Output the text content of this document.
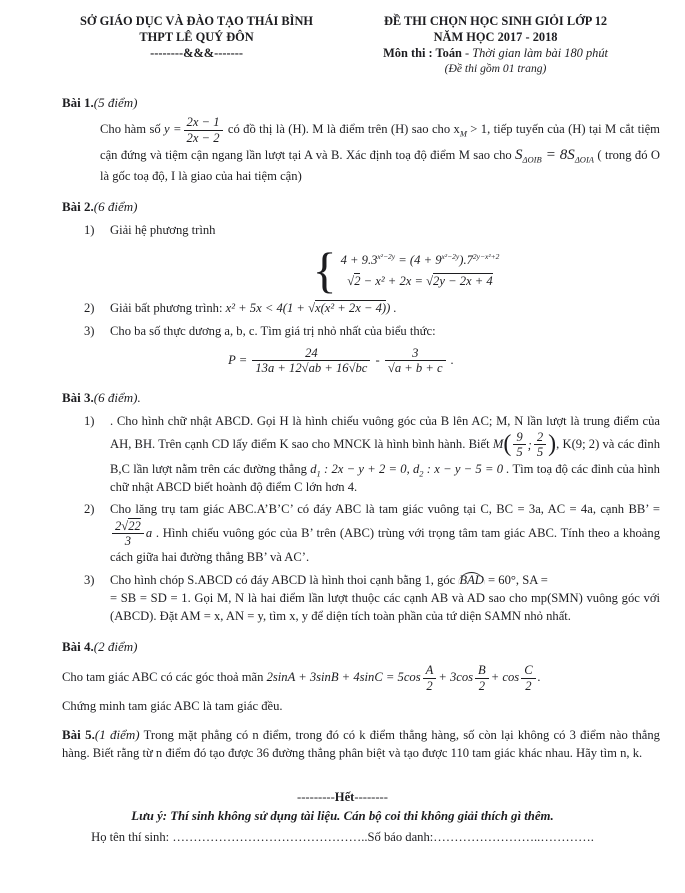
SỞ GIÁO DỤC VÀ ĐÀO TẠO THÁI BÌNH
THPT LÊ QUÝ ĐÔN
--------&&&-------
ĐỀ THI CHỌN HỌC SINH GIỎI LỚP 12
NĂM HỌC 2017 - 2018
Môn thi : Toán - Thời gian làm bài 180 phút
(Đề thi gồm 01 trang)
Bài 1.(5 điểm)
Cho hàm số $y = \frac{2x - 1}{2x - 2}$ có đồ thị là (H). M là điểm trên (H) sao cho $x_M > 1$, tiếp tuyến của (H) tại M cắt tiệm cận đứng và tiệm cận ngang lần lượt tại A và B. Xác định toạ độ điểm M sao cho $S_{\Delta OIB} = 8S_{\Delta OIA}$ ( trong đó O là gốc toạ độ, I là giao của hai tiệm cận)
Bài 2.(6 điểm)
1)	Giải hệ phương trình
{
$4 + 9.3^{x^2-2y} = (4 + 9^{x^2-2y}).7^{2y-x^2+2}$
√ 2 − x² + 2x = √ 2y − 2x + 4
2)	Giải bất phương trình: x² + 5x < 4(1 + √ x(x² + 2x − 4)) .
3)	Cho ba số thực dương a, b, c. Tìm giá trị nhỏ nhất của biểu thức:
$P = \frac{24}{13a + 12 √ ab + 16 √ bc} - 3$
√ a + b + c .
Bài 3.(6 điểm).
1)	. Cho hình chữ nhật ABCD. Gọi H là hình chiếu vuông góc của B lên AC; M, N lần lượt là trung điểm của AH, BH. Trên cạnh CD lấy điểm K sao cho MNCK là hình bình hành. Biết M ( $\frac{9}{5}$ ; $\frac{2}{5}$
) , K(9; 2) và các đỉnh B,C lần lượt nằm trên các đường thẳng $d_1$ : 2x − y + 2 = 0, $d_2$ : x − y − 5 = 0 . Tìm toạ độ các đỉnh của hình chữ nhật ABCD biết hoành độ điểm C lớn hơn 4.
2)	Cho lăng trụ tam giác ABC.A’B’C’ có đáy ABC là tam giác vuông tại C, BC = 3a, AC = 4a, cạnh BB’ =
$\frac{2 √ 22}{3}$ a . Hình chiếu vuông góc của B’ trên (ABC) trùng với trọng tâm tam giác ABC. Tính theo a khoảng cách giữa hai đường thẳng BB’ và AC’.
3)	Cho hình chóp S.ABCD có đáy ABCD là hình thoi cạnh bằng 1, góc BAD = 60°, SA =
= SB = SD = 1. Gọi M, N là hai điểm lần lượt thuộc các cạnh AB và AD sao cho mp(SMN) vuông góc với (ABCD). Đặt AM = x, AN = y, tìm x, y để diện tích toàn phần của tứ diện SAMN nhỏ nhất.
Bài 4.(2 điểm)
Cho tam giác ABC có các góc thoả mãn $2\sin A + 3\sin B + 4\sin C = 5\cos \frac{A}{2} + 3\cos \frac{B}{2} + \cos \frac{C}{2}$ .
Chứng minh tam giác ABC là tam giác đều.
Bài 5.(1 điểm) Trong mặt phẳng có n điểm, trong đó có k điểm thẳng hàng, số còn lại không có 3 điểm nào thẳng hàng. Biết rằng từ n điểm đó tạo được 36 đường thẳng phân biệt và tạo được 110 tam giác khác nhau. Hãy tìm n, k.
---------Hết--------
Lưu ý: Thí sinh không sử dụng tài liệu. Cán bộ coi thi không giải thích gì thêm.
Họ tên thí sinh: ………………………………………..Số báo danh:……………………..………….
